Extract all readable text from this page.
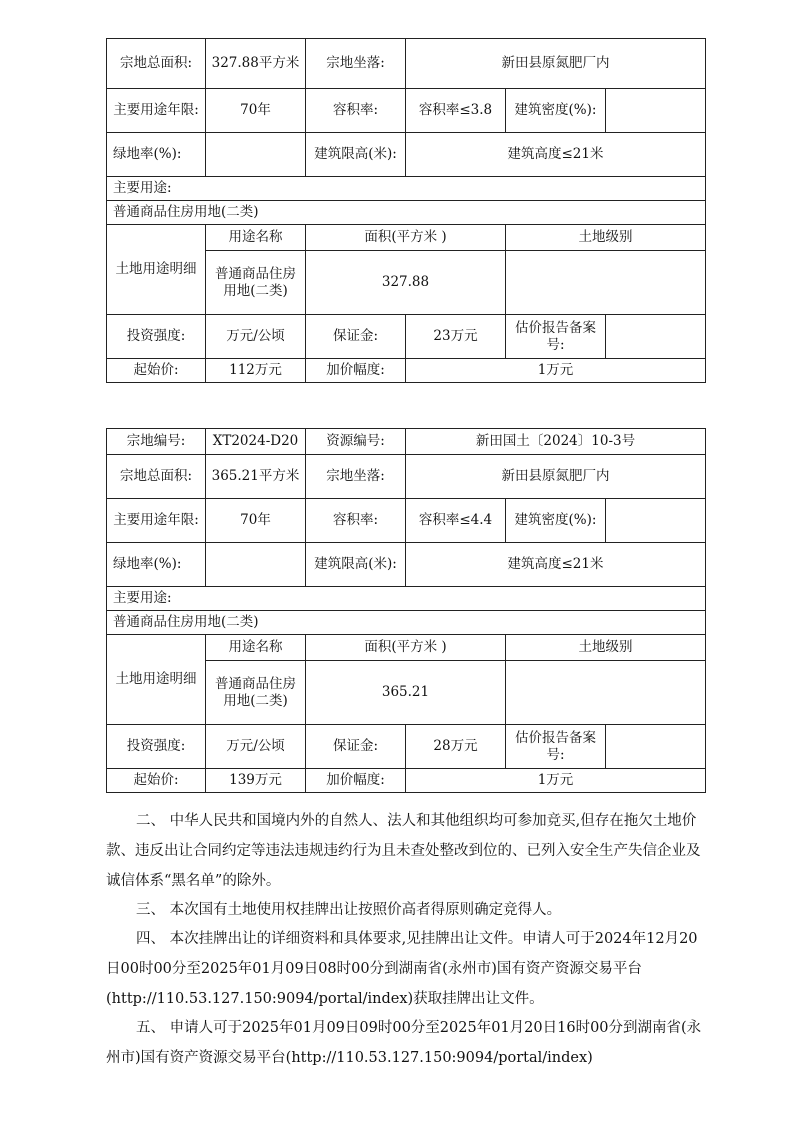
宗地总面积:	327.88平方米	宗地坐落:	新田县原氮肥厂内		
主要用途年限:	70年	容积率:	容积率≤3.8	建筑密度(%):	
绿地率(%):		建筑限高(米):	建筑高度≤21米		
主要用途:					
普通商品住房用地(二类)					
土地用途明细	用途名称	面积(平方米 )		土地级别	
	普通商品住房用地(二类)	327.88			
投资强度:	万元/公顷	保证金:	23万元	估价报告备案号:	
起始价:	112万元	加价幅度:	1万元		
宗地编号:	XT2024-D20	资源编号:	新田国土〔2024〕10-3号		
宗地总面积:	365.21平方米	宗地坐落:	新田县原氮肥厂内		
主要用途年限:	70年	容积率:	容积率≤4.4	建筑密度(%):	
绿地率(%):		建筑限高(米):	建筑高度≤21米		
主要用途:					
普通商品住房用地(二类)					
土地用途明细	用途名称	面积(平方米 )		土地级别	
	普通商品住房用地(二类)	365.21			
投资强度:	万元/公顷	保证金:	28万元	估价报告备案号:	
起始价:	139万元	加价幅度:	1万元		

二、 中华人民共和国境内外的自然人、法人和其他组织均可参加竞买,但存在拖欠土地价款、违反出让合同约定等违法违规违约行为且未查处整改到位的、已列入安全生产失信企业及诚信体系“黑名单”的除外。

三、 本次国有土地使用权挂牌出让按照价高者得原则确定竞得人。

四、 本次挂牌出让的详细资料和具体要求,见挂牌出让文件。申请人可于2024年12月20日00时00分至2025年01月09日08时00分到湖南省(永州市)国有资产资源交易平台(http://110.53.127.150:9094/portal/index)获取挂牌出让文件。

五、 申请人可于2025年01月09日09时00分至2025年01月20日16时00分到湖南省(永州市)国有资产资源交易平台(http://110.53.127.150:9094/portal/index)
